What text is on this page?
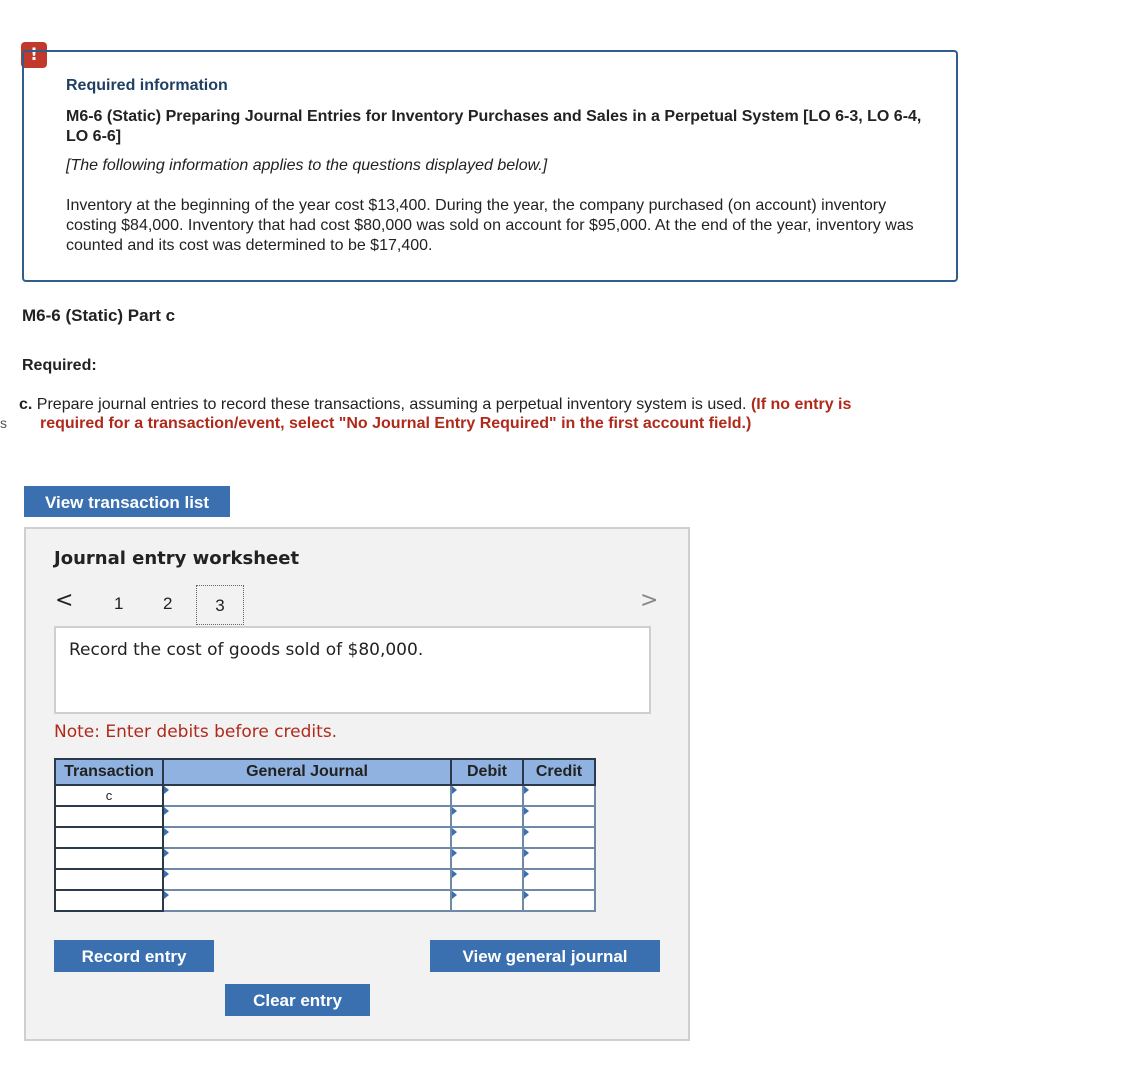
!
s
Required information
M6-6 (Static) Preparing Journal Entries for Inventory Purchases and Sales in a Perpetual System [LO 6-3, LO 6-4, LO 6-6]
[The following information applies to the questions displayed below.]
Inventory at the beginning of the year cost $13,400. During the year, the company purchased (on account) inventory costing $84,000. Inventory that had cost $80,000 was sold on account for $95,000. At the end of the year, inventory was counted and its cost was determined to be $17,400.
M6-6 (Static) Part c
Required:
c. Prepare journal entries to record these transactions, assuming a perpetual inventory system is used. (If no entry is
required for a transaction/event, select "No Journal Entry Required" in the first account field.)
View transaction list
Journal entry worksheet
< 1 2	3	>
Record the cost of goods sold of $80,000.
Note: Enter debits before credits.
Transaction	General Journal	Debit	Credit
c			

Record entry	View general journal
Clear entry
